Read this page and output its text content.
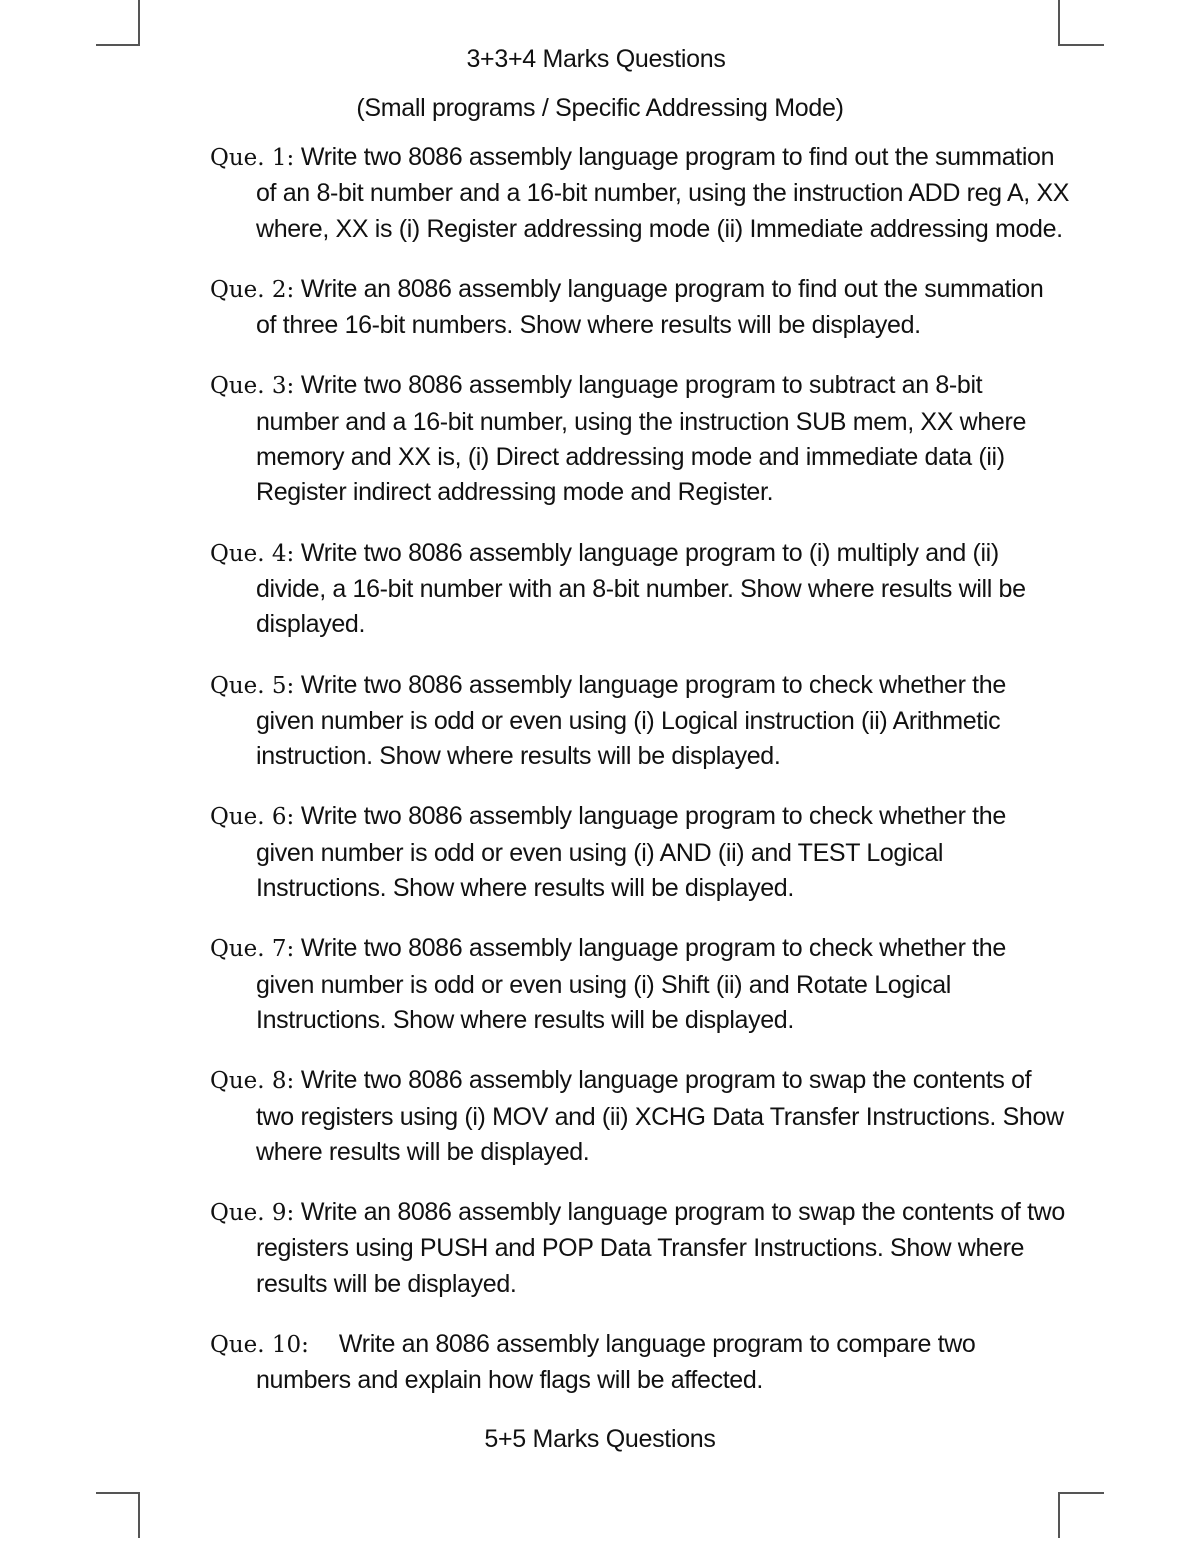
3+3+4 Marks Questions
(Small programs / Specific Addressing Mode)

Que. 1: Write two 8086 assembly language program to find out the summation of an 8-bit number and a 16-bit number, using the instruction ADD reg A, XX where, XX is (i) Register addressing mode (ii) Immediate addressing mode.

Que. 2: Write an 8086 assembly language program to find out the summation of three 16-bit numbers. Show where results will be displayed.

Que. 3: Write two 8086 assembly language program to subtract an 8-bit number and a 16-bit number, using the instruction SUB mem, XX where memory and XX is, (i) Direct addressing mode and immediate data (ii) Register indirect addressing mode and Register.

Que. 4: Write two 8086 assembly language program to (i) multiply and (ii) divide, a 16-bit number with an 8-bit number. Show where results will be displayed.

Que. 5: Write two 8086 assembly language program to check whether the given number is odd or even using (i) Logical instruction (ii) Arithmetic instruction. Show where results will be displayed.

Que. 6: Write two 8086 assembly language program to check whether the given number is odd or even using (i) AND (ii) and TEST Logical Instructions. Show where results will be displayed.

Que. 7: Write two 8086 assembly language program to check whether the given number is odd or even using (i) Shift (ii) and Rotate Logical Instructions. Show where results will be displayed.

Que. 8: Write two 8086 assembly language program to swap the contents of two registers using (i) MOV and (ii) XCHG Data Transfer Instructions. Show where results will be displayed.

Que. 9: Write an 8086 assembly language program to swap the contents of two registers using PUSH and POP Data Transfer Instructions. Show where results will be displayed.

Que. 10: Write an 8086 assembly language program to compare two numbers and explain how flags will be affected.

5+5 Marks Questions
